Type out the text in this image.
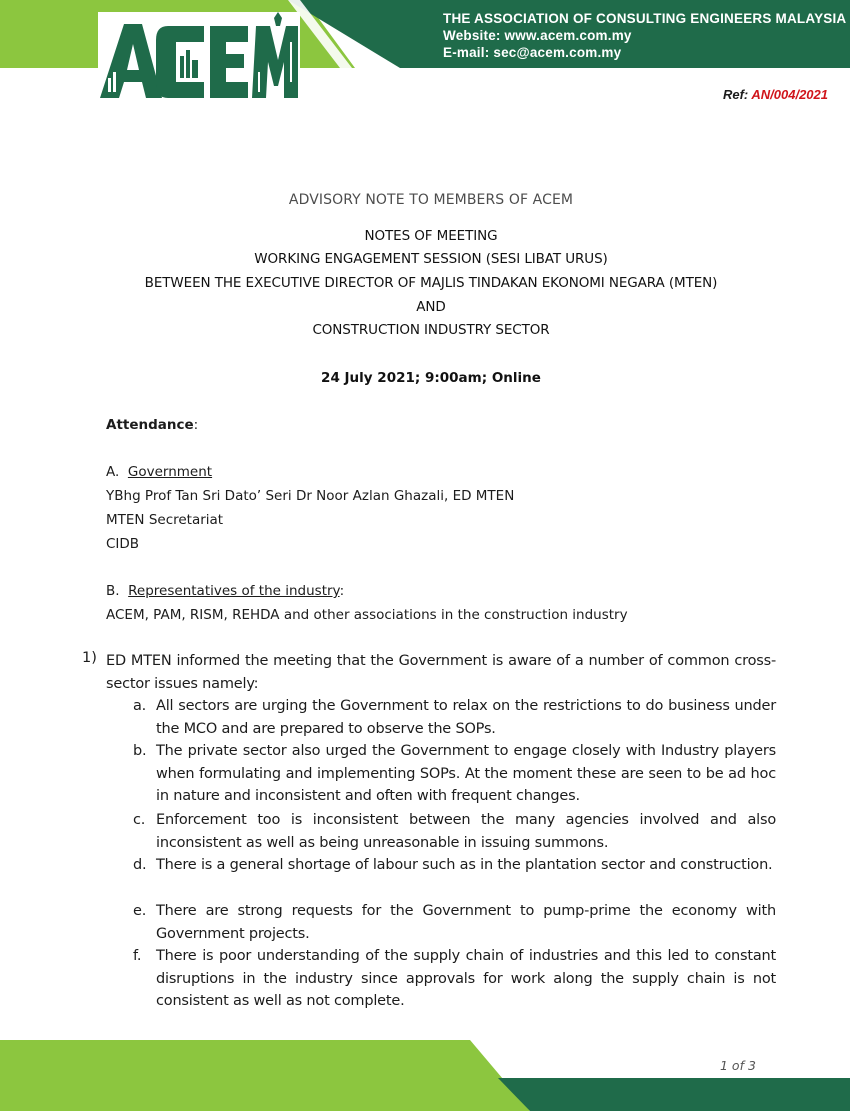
THE ASSOCIATION OF CONSULTING ENGINEERS MALAYSIA
Website: www.acem.com.my
E-mail: sec@acem.com.my
Ref: AN/004/2021
ADVISORY NOTE TO MEMBERS OF ACEM
NOTES OF MEETING
WORKING ENGAGEMENT SESSION (SESI LIBAT URUS)
BETWEEN THE EXECUTIVE DIRECTOR OF MAJLIS TINDAKAN EKONOMI NEGARA (MTEN)
AND
CONSTRUCTION INDUSTRY SECTOR
24 July 2021; 9:00am; Online
Attendance:
A. Government
YBhg Prof Tan Sri Dato’ Seri Dr Noor Azlan Ghazali, ED MTEN
MTEN Secretariat
CIDB
B. Representatives of the industry:
ACEM, PAM, RISM, REHDA and other associations in the construction industry
1) ED MTEN informed the meeting that the Government is aware of a number of common cross-sector issues namely:
a. All sectors are urging the Government to relax on the restrictions to do business under the MCO and are prepared to observe the SOPs.
b. The private sector also urged the Government to engage closely with Industry players when formulating and implementing SOPs. At the moment these are seen to be ad hoc in nature and inconsistent and often with frequent changes.
c. Enforcement too is inconsistent between the many agencies involved and also inconsistent as well as being unreasonable in issuing summons.
d. There is a general shortage of labour such as in the plantation sector and construction.
e. There are strong requests for the Government to pump-prime the economy with Government projects.
f. There is poor understanding of the supply chain of industries and this led to constant disruptions in the industry since approvals for work along the supply chain is not consistent as well as not complete.
1 of 3
